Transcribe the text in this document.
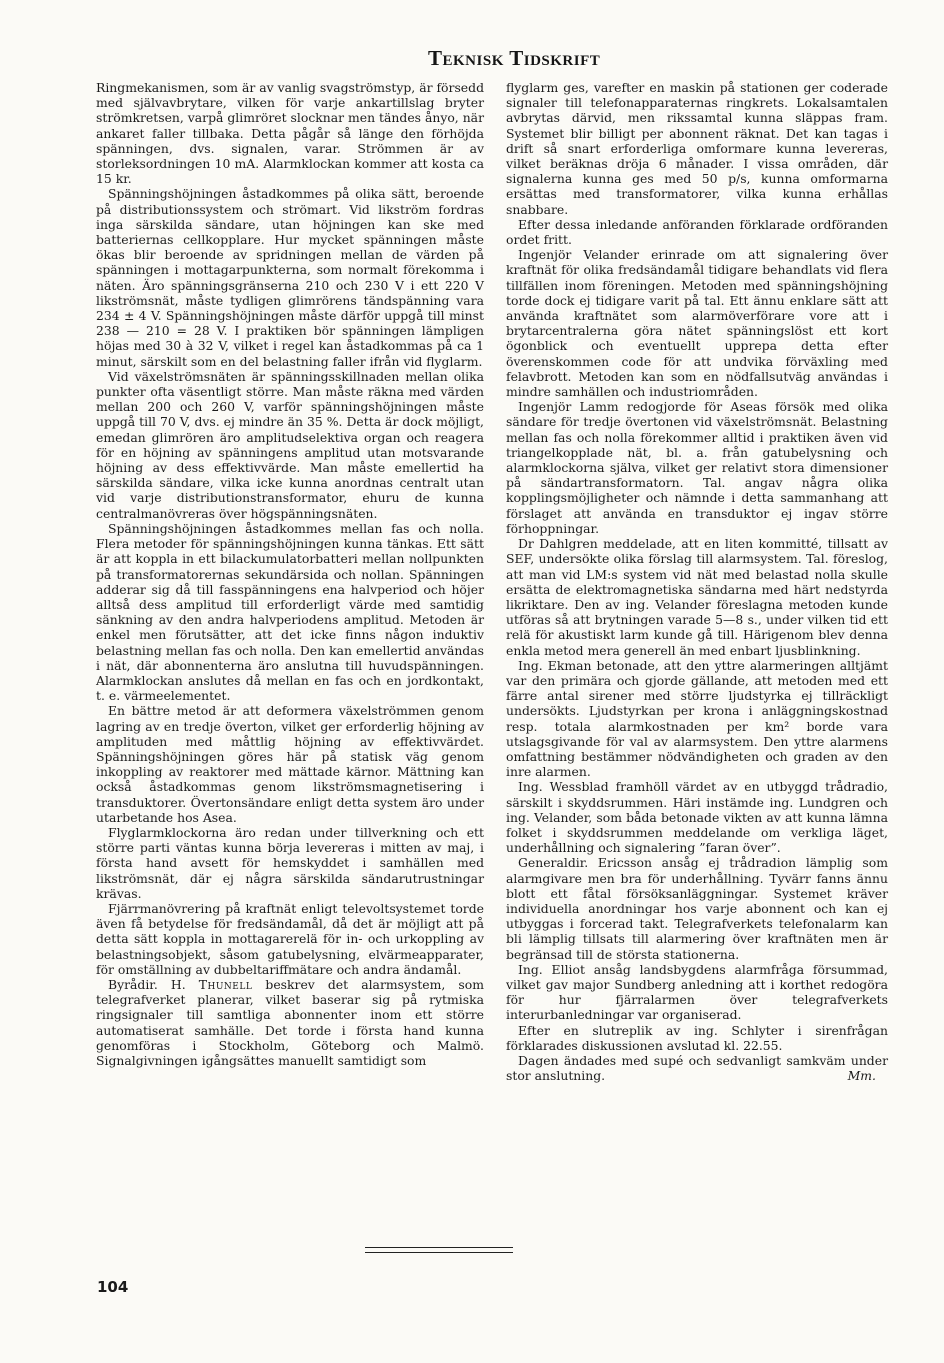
Teknisk Tidskrift

Ringmekanismen, som är av vanlig svagströmstyp, är försedd med självavbrytare, vilken för varje ankartillslag bryter strömkretsen, varpå glimröret slocknar men tändes ånyo, när ankaret faller tillbaka. Detta pågår så länge den förhöjda spänningen, dvs. signalen, varar. Strömmen är av storleksordningen 10 mA. Alarmklockan kommer att kosta ca 15 kr.

Spänningshöjningen åstadkommes på olika sätt, beroende på distributionssystem och strömart. Vid likström fordras inga särskilda sändare, utan höjningen kan ske med batteriernas cellkopplare. Hur mycket spänningen måste ökas blir beroende av spridningen mellan de värden på spänningen i mottagarpunkterna, som normalt förekomma i näten. Äro spänningsgränserna 210 och 230 V i ett 220 V likströmsnät, måste tydligen glimrörens tändspänning vara 234 ± 4 V. Spänningshöjningen måste därför uppgå till minst 238 — 210 = 28 V. I praktiken bör spänningen lämpligen höjas med 30 à 32 V, vilket i regel kan åstadkommas på ca 1 minut, särskilt som en del belastning faller ifrån vid flyglarm.

Vid växelströmsnäten är spänningsskillnaden mellan olika punkter ofta väsentligt större. Man måste räkna med värden mellan 200 och 260 V, varför spänningshöjningen måste uppgå till 70 V, dvs. ej mindre än 35 %. Detta är dock möjligt, emedan glimrören äro amplitudselektiva organ och reagera för en höjning av spänningens amplitud utan motsvarande höjning av dess effektivvärde. Man måste emellertid ha särskilda sändare, vilka icke kunna anordnas centralt utan vid varje distributionstransformator, ehuru de kunna centralmanövreras över högspänningsnäten.

Spänningshöjningen åstadkommes mellan fas och nolla. Flera metoder för spänningshöjningen kunna tänkas. Ett sätt är att koppla in ett bilackumulatorbatteri mellan nollpunkten på transformatorernas sekundärsida och nollan. Spänningen adderar sig då till fasspänningens ena halvperiod och höjer alltså dess amplitud till erforderligt värde med samtidig sänkning av den andra halvperiodens amplitud. Metoden är enkel men förutsätter, att det icke finns någon induktiv belastning mellan fas och nolla. Den kan emellertid användas i nät, där abonnenterna äro anslutna till huvudspänningen. Alarmklockan anslutes då mellan en fas och en jordkontakt, t. e. värmeelementet.

En bättre metod är att deformera växelströmmen genom lagring av en tredje överton, vilket ger erforderlig höjning av amplituden med måttlig höjning av effektivvärdet. Spänningshöjningen göres här på statisk väg genom inkoppling av reaktorer med mättade kärnor. Mättning kan också åstadkommas genom likströmsmagnetisering i transduktorer. Övertonsändare enligt detta system äro under utarbetande hos Asea.

Flyglarmklockorna äro redan under tillverkning och ett större parti väntas kunna börja levereras i mitten av maj, i första hand avsett för hemskyddet i samhällen med likströmsnät, där ej några särskilda sändarutrustningar krävas.

Fjärrmanövrering på kraftnät enligt televoltsystemet torde även få betydelse för fredsändamål, då det är möjligt att på detta sätt koppla in mottagarerelä för in- och urkoppling av belastningsobjekt, såsom gatubelysning, elvärmeapparater, för omställning av dubbeltariffmätare och andra ändamål.

Byrådir. H. Thunell beskrev det alarmsystem, som telegrafverket planerar, vilket baserar sig på rytmiska ringsignaler till samtliga abonnenter inom ett större automatiserat samhälle. Det torde i första hand kunna genomföras i Stockholm, Göteborg och Malmö. Signalgivningen igångsättes manuellt samtidigt som

flyglarm ges, varefter en maskin på stationen ger coderade signaler till telefonapparaternas ringkrets. Lokalsamtalen avbrytas därvid, men rikssamtal kunna släppas fram. Systemet blir billigt per abonnent räknat. Det kan tagas i drift så snart erforderliga omformare kunna levereras, vilket beräknas dröja 6 månader. I vissa områden, där signalerna kunna ges med 50 p/s, kunna omformarna ersättas med transformatorer, vilka kunna erhållas snabbare.

Efter dessa inledande anföranden förklarade ordföranden ordet fritt.

Ingenjör Velander erinrade om att signalering över kraftnät för olika fredsändamål tidigare behandlats vid flera tillfällen inom föreningen. Metoden med spänningshöjning torde dock ej tidigare varit på tal. Ett ännu enklare sätt att använda kraftnätet som alarmöverförare vore att i brytarcentralerna göra nätet spänningslöst ett kort ögonblick och eventuellt upprepa detta efter överenskommen code för att undvika förväxling med felavbrott. Metoden kan som en nödfallsutväg användas i mindre samhällen och industriområden.

Ingenjör Lamm redogjorde för Aseas försök med olika sändare för tredje övertonen vid växelströmsnät. Belastning mellan fas och nolla förekommer alltid i praktiken även vid triangelkopplade nät, bl. a. från gatubelysning och alarmklockorna själva, vilket ger relativt stora dimensioner på sändartransformatorn. Tal. angav några olika kopplingsmöjligheter och nämnde i detta sammanhang att förslaget att använda en transduktor ej ingav större förhoppningar.

Dr Dahlgren meddelade, att en liten kommitté, tillsatt av SEF, undersökte olika förslag till alarmsystem. Tal. föreslog, att man vid LM:s system vid nät med belastad nolla skulle ersätta de elektromagnetiska sändarna med härt nedstyrda likriktare. Den av ing. Velander föreslagna metoden kunde utföras så att brytningen varade 5—8 s., under vilken tid ett relä för akustiskt larm kunde gå till. Härigenom blev denna enkla metod mera generell än med enbart ljusblinkning.

Ing. Ekman betonade, att den yttre alarmeringen alltjämt var den primära och gjorde gällande, att metoden med ett färre antal sirener med större ljudstyrka ej tillräckligt undersökts. Ljudstyrkan per krona i anläggningskostnad resp. totala alarmkostnaden per km² borde vara utslagsgivande för val av alarmsystem. Den yttre alarmens omfattning bestämmer nödvändigheten och graden av den inre alarmen.

Ing. Wessblad framhöll värdet av en utbyggd trådradio, särskilt i skyddsrummen. Häri instämde ing. Lundgren och ing. Velander, som båda betonade vikten av att kunna lämna folket i skyddsrummen meddelande om verkliga läget, underhållning och signalering ”faran över”.

Generaldir. Ericsson ansåg ej trådradion lämplig som alarmgivare men bra för underhållning. Tyvärr fanns ännu blott ett fåtal försöksanläggningar. Systemet kräver individuella anordningar hos varje abonnent och kan ej utbyggas i forcerad takt. Telegrafverkets telefonalarm kan bli lämplig tillsats till alarmering över kraftnäten men är begränsad till de största stationerna.

Ing. Elliot ansåg landsbygdens alarmfråga försummad, vilket gav major Sundberg anledning att i korthet redogöra för hur fjärralarmen över telegrafverkets interurbanledningar var organiserad.

Efter en slutreplik av ing. Schlyter i sirenfrågan förklarades diskussionen avslutad kl. 22.55.

Dagen ändades med supé och sedvanligt samkväm under stor anslutning.	Mm.

104
